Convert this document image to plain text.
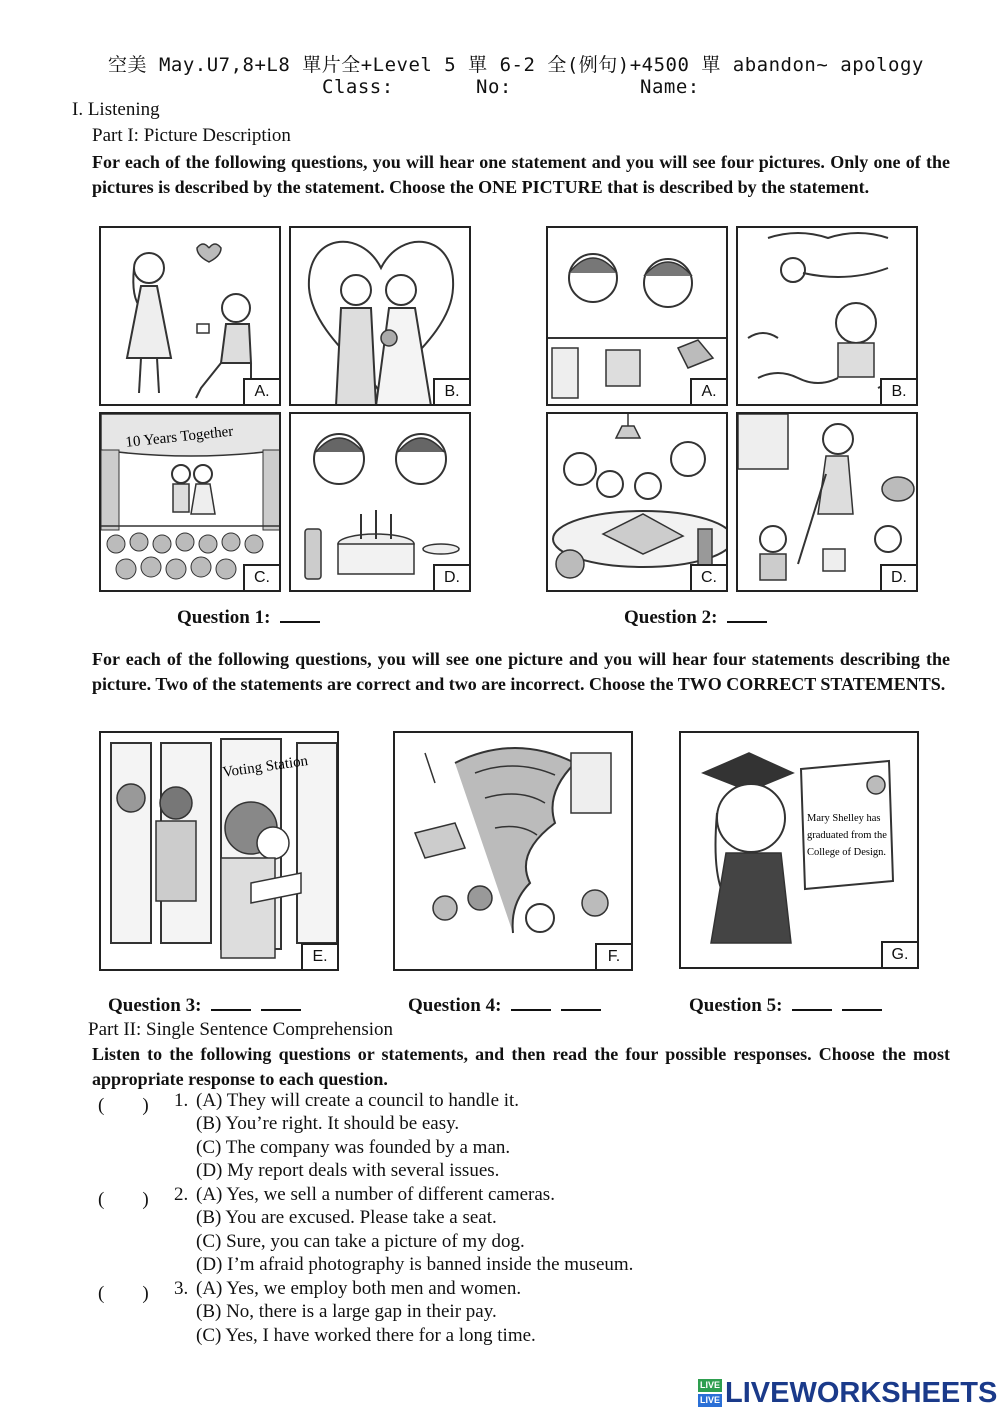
空美 May.U7,8+L8 單片全+Level 5 單 6-2 全(例句)+4500 單 abandon~ apology
Class:	No:	Name:
I. Listening
Part I: Picture Description
For each of the following questions, you will hear one statement and you will see four pictures. Only one of the pictures is described by the statement. Choose the ONE PICTURE that is described by the statement.
A.	B.
10 Years Together
C.	D.
A.	B.
C.	D.
Question 1:	Question 2:
For each of the following questions, you will see one picture and you will hear four statements describing the picture. Two of the statements are correct and two are incorrect. Choose the TWO CORRECT STATEMENTS.
Voting Station
E.	F.
Mary Shelley has
graduated from the
College of Design.
G.
Question 3:	Question 4:	Question 5:
Part II: Single Sentence Comprehension
Listen to the following questions or statements, and then read the four possible responses. Choose the most appropriate response to each question.
(　　) 1. (A) They will create a council to handle it.
(B) You’re right. It should be easy.
(C) The company was founded by a man.
(D) My report deals with several issues.
(　　) 2. (A) Yes, we sell a number of different cameras.
(B) You are excused. Please take a seat.
(C) Sure, you can take a picture of my dog.
(D) I’m afraid photography is banned inside the museum.
(　　) 3. (A) Yes, we employ both men and women.
(B) No, there is a large gap in their pay.
(C) Yes, I have worked there for a long time.
LIVE
LIVE LIVEWORKSHEETS
